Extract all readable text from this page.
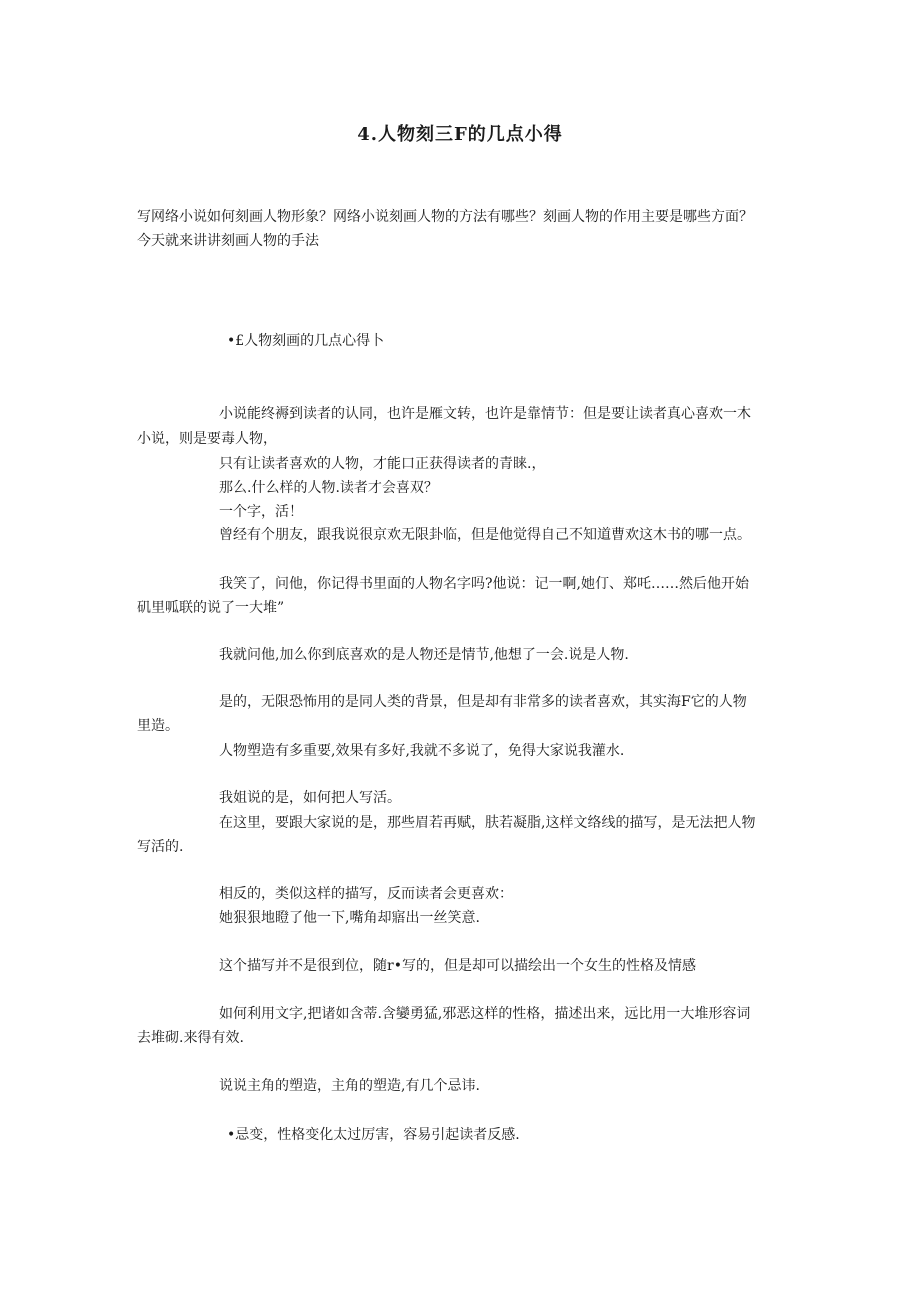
4.人物刻三F的几点小得
写网络小说如何刻画人物形象？网络小说刻画人物的方法有哪些？刻画人物的作用主要是哪些方面？
今天就来讲讲刻画人物的手法
•£人物刻画的几点心得卜
小说能终褥到读者的认同，也许是雁文转，也许是靠情节：但是要让读者真心喜欢一木
小说，则是要毒人物，
只有让读者喜欢的人物，才能口正获得读者的青睐.，
那么.什么样的人物.读者才会喜双？
一个字，活！
曾经有个朋友，跟我说很京欢无限卦临，但是他觉得自己不知道曹欢这木书的哪一点。
我笑了，问他，你记得书里面的人物名字吗?他说：记一啊,她仃、郑吒……然后他开始
矶里呱联的说了一大堆”
我就问他,加么你到底喜欢的是人物还是情节,他想了一会.说是人物.
是的，无限恐怖用的是同人类的背景，但是却有非常多的读者喜欢，其实海F它的人物
里造。
人物塑造有多重要,效果有多好,我就不多说了，免得大家说我灌水.
我姐说的是，如何把人写活。
在这里，要跟大家说的是，那些眉若再赋，肤若凝脂,这样文络线的描写，是无法把人物
写活的.
相反的，类似这样的描写，反而读者会更喜欢：
她狠狠地瞪了他一下,嘴角却寤出一丝笑意.
这个描写并不是很到位，随r•写的，但是却可以描绘出一个女生的性格及情感
如何利用文字,把诸如含蒂.含孌勇猛,邪恶这样的性格，描述出来，远比用一大堆形容词
去堆砌.来得有效.
说说主角的塑造，主角的塑造,有几个忌讳.
•忌变，性格变化太过厉害，容易引起读者反感.
